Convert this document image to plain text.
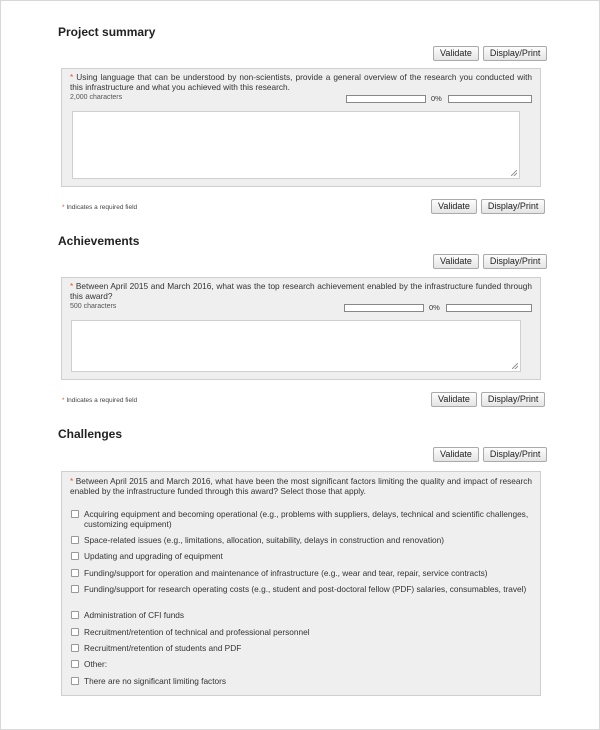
Project summary
Validate	Display/Print
* Using language that can be understood by non-scientists, provide a general overview of the research you conducted with this infrastructure and what you achieved with this research.
2,000 characters	0%
* Indicates a required field	Validate	Display/Print
Achievements
Validate	Display/Print
* Between April 2015 and March 2016, what was the top research achievement enabled by the infrastructure funded through this award?
500 characters	0%
* Indicates a required field	Validate	Display/Print
Challenges
Validate	Display/Print
* Between April 2015 and March 2016, what have been the most significant factors limiting the quality and impact of research enabled by the infrastructure funded through this award? Select those that apply.
Acquiring equipment and becoming operational (e.g., problems with suppliers, delays, technical and scientific challenges, customizing equipment)
Space-related issues (e.g., limitations, allocation, suitability, delays in construction and renovation)
Updating and upgrading of equipment
Funding/support for operation and maintenance of infrastructure (e.g., wear and tear, repair, service contracts)
Funding/support for research operating costs (e.g., student and post-doctoral fellow (PDF) salaries, consumables, travel)
Administration of CFI funds
Recruitment/retention of technical and professional personnel
Recruitment/retention of students and PDF
Other:
There are no significant limiting factors
